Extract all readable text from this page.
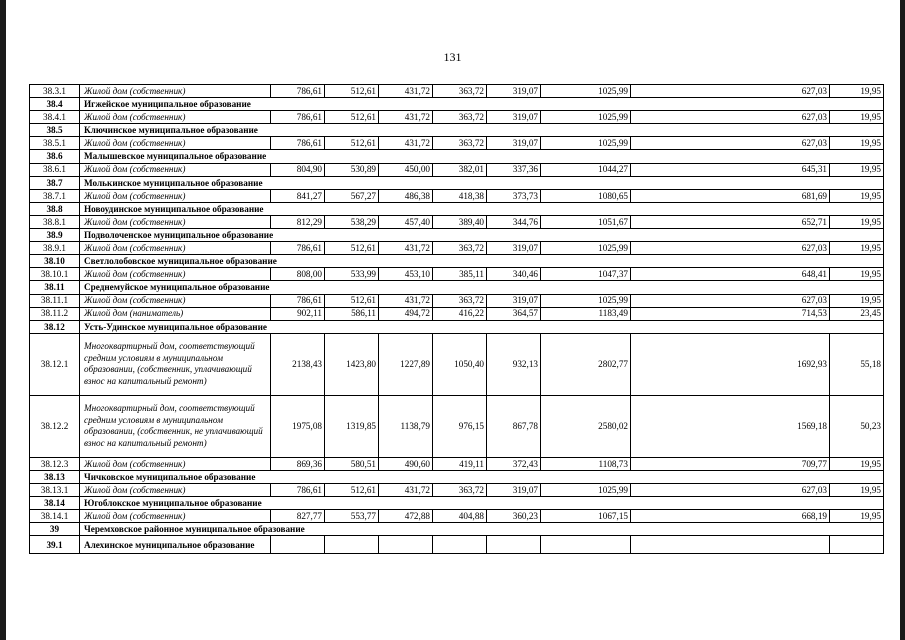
131
38.3.1	Жилой дом (собственник)	786,61	512,61	431,72	363,72	319,07	1025,99	627,03	19,95
38.4	Игжейское муниципальное образование								
38.4.1	Жилой дом (собственник)	786,61	512,61	431,72	363,72	319,07	1025,99	627,03	19,95
38.5	Ключинское муниципальное образование								
38.5.1	Жилой дом (собственник)	786,61	512,61	431,72	363,72	319,07	1025,99	627,03	19,95
38.6	Малышевское муниципальное образование								
38.6.1	Жилой дом (собственник)	804,90	530,89	450,00	382,01	337,36	1044,27	645,31	19,95
38.7	Молькинское муниципальное образование								
38.7.1	Жилой дом (собственник)	841,27	567,27	486,38	418,38	373,73	1080,65	681,69	19,95
38.8	Новоудинское муниципальное образование								
38.8.1	Жилой дом (собственник)	812,29	538,29	457,40	389,40	344,76	1051,67	652,71	19,95
38.9	Подволоченское муниципальное образование								
38.9.1	Жилой дом (собственник)	786,61	512,61	431,72	363,72	319,07	1025,99	627,03	19,95
38.10	Светлолобовское муниципальное образование								
38.10.1	Жилой дом (собственник)	808,00	533,99	453,10	385,11	340,46	1047,37	648,41	19,95
38.11	Среднемуйское муниципальное образование								
38.11.1	Жилой дом (собственник)	786,61	512,61	431,72	363,72	319,07	1025,99	627,03	19,95
38.11.2	Жилой дом (наниматель)	902,11	586,11	494,72	416,22	364,57	1183,49	714,53	23,45
38.12	Усть-Удинское муниципальное образование								
38.12.1	Многоквартирный дом, соответствующий средним условиям в муниципальном образовании, (собственник, уплачивающий взнос на капитальный ремонт)	2138,43	1423,80	1227,89	1050,40	932,13	2802,77	1692,93	55,18
38.12.2	Многоквартирный дом, соответствующий средним условиям в муниципальном образовании, (собственник, не уплачивающий взнос на капитальный ремонт)	1975,08	1319,85	1138,79	976,15	867,78	2580,02	1569,18	50,23
38.12.3	Жилой дом (собственник)	869,36	580,51	490,60	419,11	372,43	1108,73	709,77	19,95
38.13	Чичковское муниципальное образование								
38.13.1	Жилой дом (собственник)	786,61	512,61	431,72	363,72	319,07	1025,99	627,03	19,95
38.14	Югоблокское муниципальное образование								
38.14.1	Жилой дом (собственник)	827,77	553,77	472,88	404,88	360,23	1067,15	668,19	19,95
39	Черемховское районное муниципальное образование								
39.1	Алехинское муниципальное образование								
